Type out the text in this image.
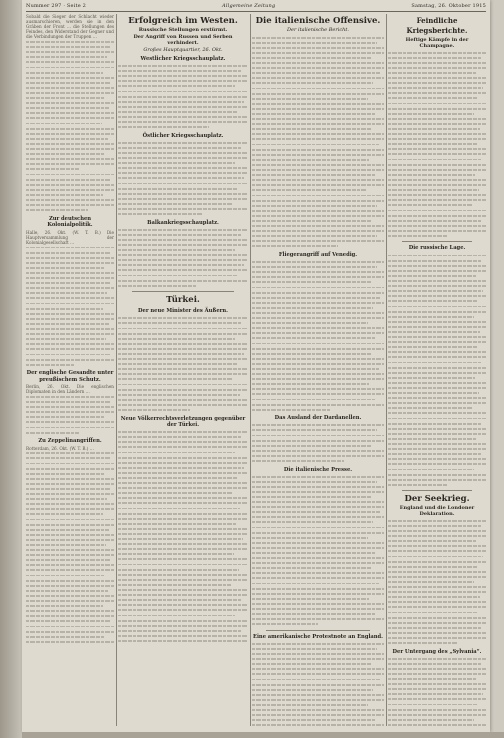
Nummer 297 · Seite 2	Allgemeine Zeitung	Samstag, 26. Oktober 1915
Sobald die Sieger der Schlacht wieder ausmarschieren, werden sie in den Gräben der Front … die Stellungen des Feindes, den Widerstand der Gegner und die Verbindungen der Truppen …
Zur deutschen Kolonialpolitik.
Halle, 26. Okt. (W. T. B.) Die Hauptversammlung der Kolonialgesellschaft …
Der englische Gesandte unter preußischem Schutz.
Berlin, 26. Okt. Die englischen Diplomaten in den Ländern …
Zu Zeppelinangriffen.
Rotterdam, 26. Okt. (W. T. B.) …
Erfolgreich im Westen.
Russische Stellungen erstürmt.
Der Angriff von Russen und Serben verhindert.
Großes Hauptquartier, 26. Okt.
Westlicher Kriegsschauplatz.
Östlicher Kriegsschauplatz.
Balkankriegsschauplatz.
Türkei.
Der neue Minister des Äußern.
Neue Völkerrechtsverletzungen gegenüber der Türkei.
Die italienische Offensive.
Der italienische Bericht.
Fliegerangriff auf Venedig.
Das Ausland der Dardanellen.
Die italienische Presse.
Eine amerikanische Protestnote an England.
Feindliche Kriegsberichte.
Heftige Kämpfe in der Champagne.
Die russische Lage.
Der Seekrieg.
England und die Londoner Deklaration.
Der Untergang des „Sylvania“.
